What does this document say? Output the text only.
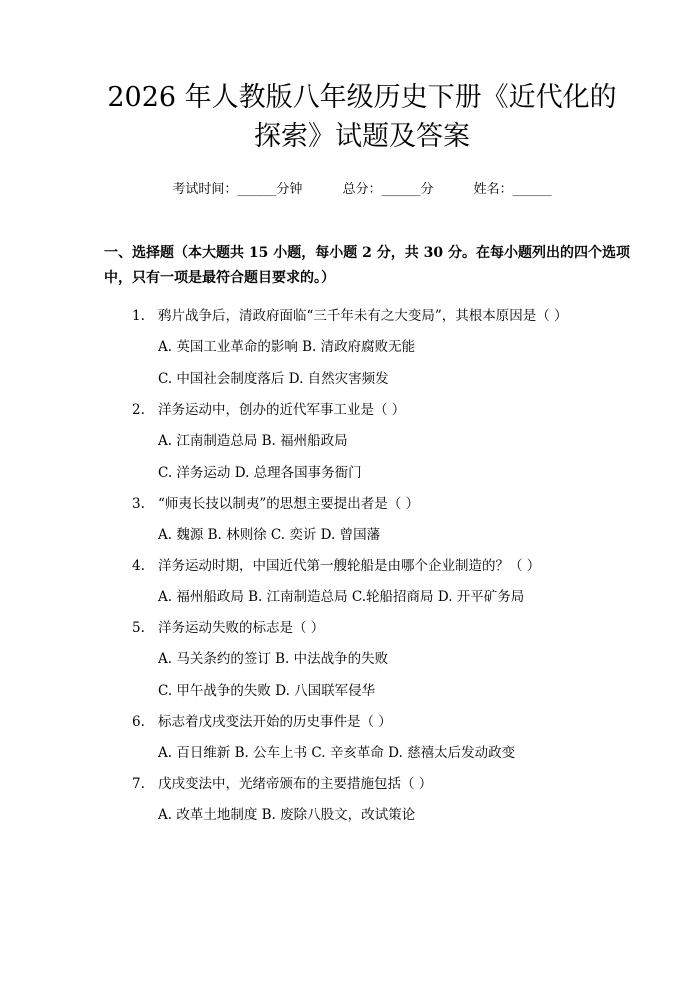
2026 年人教版八年级历史下册《近代化的探索》试题及答案
考试时间：______分钟	总分：______分	姓名：______
一、选择题（本大题共 15 小题，每小题 2 分，共 30 分。在每小题列出的四个选项中，只有一项是最符合题目要求的。）
1. 鸦片战争后，清政府面临“三千年未有之大变局”，其根本原因是（ ）
A. 英国工业革命的影响 B. 清政府腐败无能
C. 中国社会制度落后 D. 自然灾害频发
2. 洋务运动中，创办的近代军事工业是（ ）
A. 江南制造总局 B. 福州船政局
C. 洋务运动 D. 总理各国事务衙门
3. “师夷长技以制夷”的思想主要提出者是（ ）
A. 魏源 B. 林则徐 C. 奕䜣 D. 曾国藩
4. 洋务运动时期，中国近代第一艘轮船是由哪个企业制造的？（ ）
A. 福州船政局 B. 江南制造总局 C.轮船招商局 D. 开平矿务局
5. 洋务运动失败的标志是（ ）
A. 马关条约的签订 B. 中法战争的失败
C. 甲午战争的失败 D. 八国联军侵华
6. 标志着戊戌变法开始的历史事件是（ ）
A. 百日维新 B. 公车上书 C. 辛亥革命 D. 慈禧太后发动政变
7. 戊戌变法中，光绪帝颁布的主要措施包括（ ）
A. 改革土地制度 B. 废除八股文，改试策论
